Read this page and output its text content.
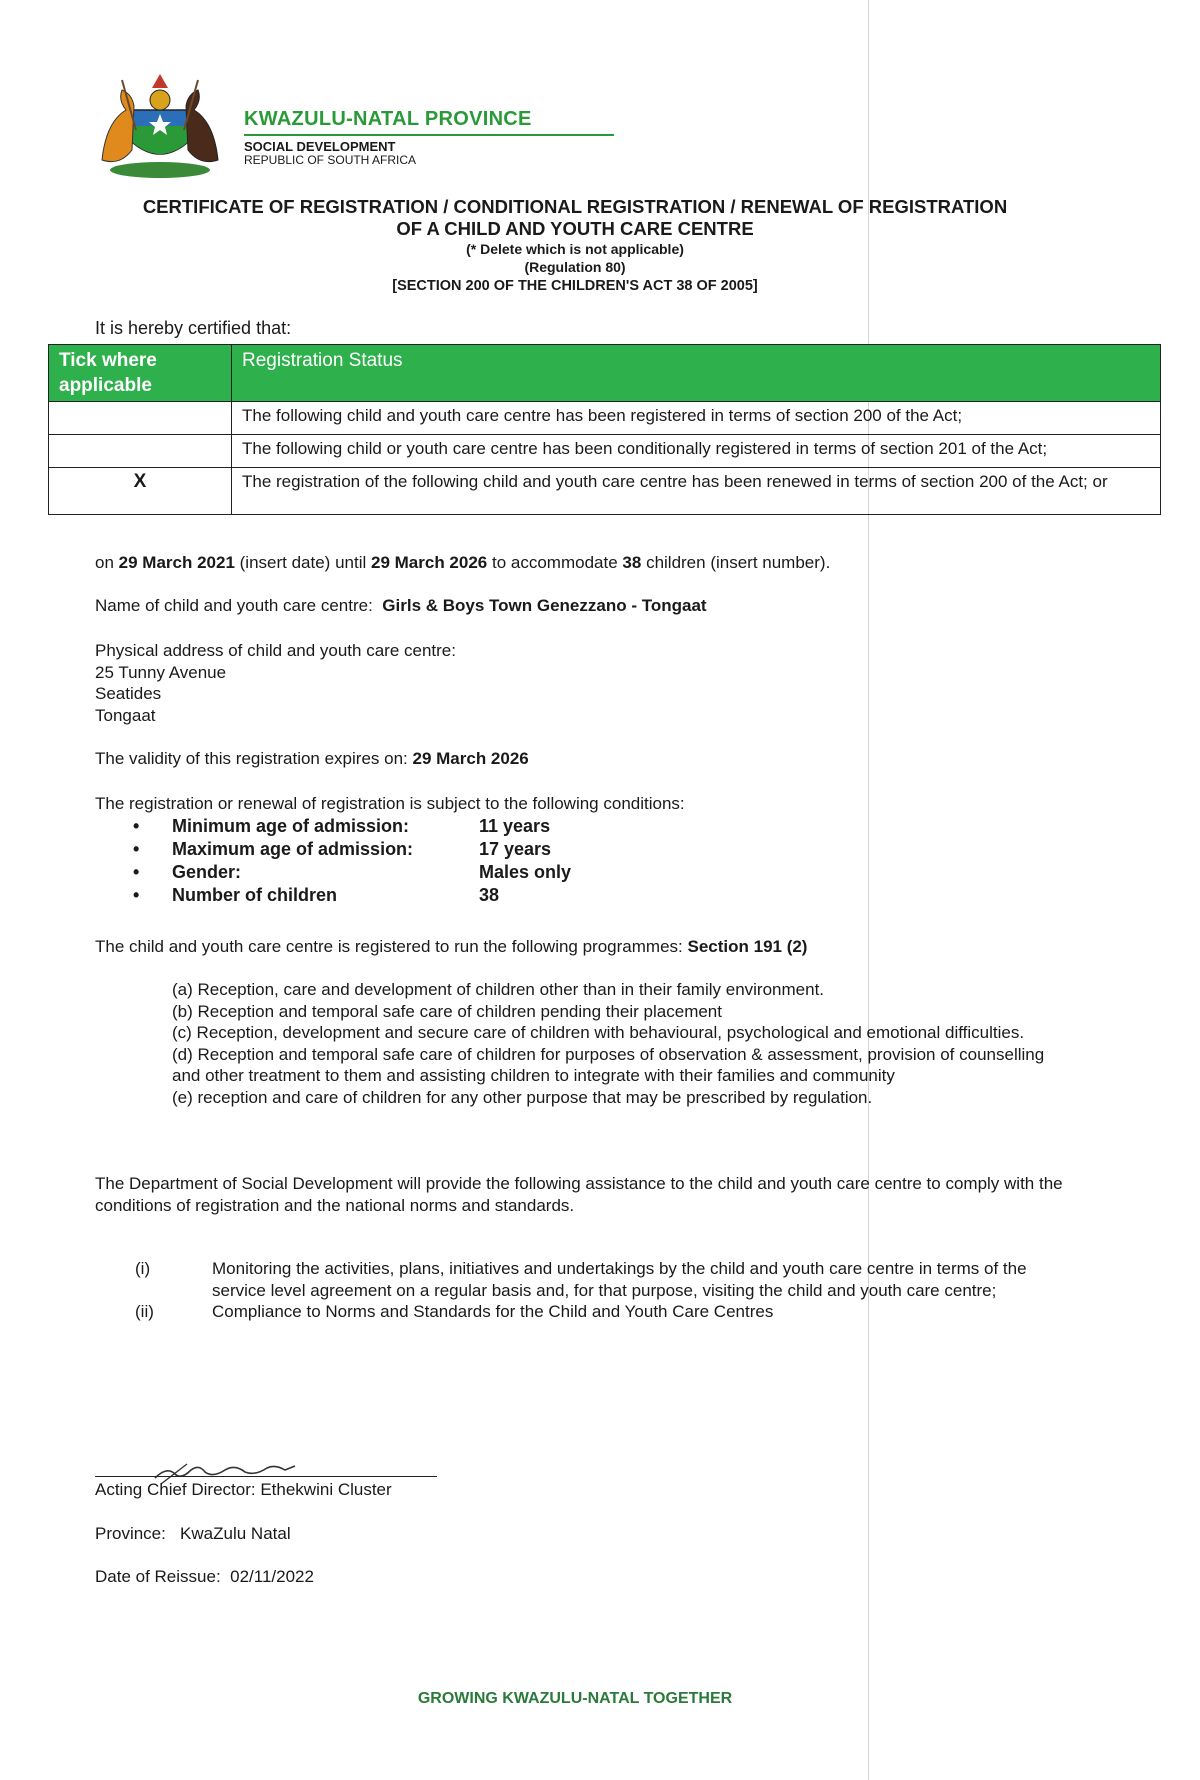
KWAZULU-NATAL PROVINCE
SOCIAL DEVELOPMENT
REPUBLIC OF SOUTH AFRICA
CERTIFICATE OF REGISTRATION / CONDITIONAL REGISTRATION / RENEWAL OF REGISTRATION
OF A CHILD AND YOUTH CARE CENTRE
(* Delete which is not applicable)
(Regulation 80)
[SECTION 200 OF THE CHILDREN'S ACT 38 OF 2005]
It is hereby certified that:
Tick where applicable	Registration Status
	The following child and youth care centre has been registered in terms of section 200 of the Act;
	The following child or youth care centre has been conditionally registered in terms of section 201 of the Act;
X	The registration of the following child and youth care centre has been renewed in terms of section 200 of the Act; or
on 29 March 2021 (insert date) until 29 March 2026 to accommodate 38 children (insert number).
Name of child and youth care centre: Girls & Boys Town Genezzano - Tongaat
Physical address of child and youth care centre:
25 Tunny Avenue
Seatides
Tongaat
The validity of this registration expires on: 29 March 2026
The registration or renewal of registration is subject to the following conditions:
• Minimum age of admission:	11 years
• Maximum age of admission:	17 years
• Gender:	Males only
• Number of children	38
The child and youth care centre is registered to run the following programmes: Section 191 (2)
(a) Reception, care and development of children other than in their family environment.
(b) Reception and temporal safe care of children pending their placement
(c) Reception, development and secure care of children with behavioural, psychological and emotional difficulties.
(d) Reception and temporal safe care of children for purposes of observation & assessment, provision of counselling and other treatment to them and assisting children to integrate with their families and community
(e) reception and care of children for any other purpose that may be prescribed by regulation.
The Department of Social Development will provide the following assistance to the child and youth care centre to comply with the conditions of registration and the national norms and standards.
(i)	Monitoring the activities, plans, initiatives and undertakings by the child and youth care centre in terms of the service level agreement on a regular basis and, for that purpose, visiting the child and youth care centre;
(ii)	Compliance to Norms and Standards for the Child and Youth Care Centres
Acting Chief Director: Ethekwini Cluster
Province: KwaZulu Natal
Date of Reissue: 02/11/2022
GROWING KWAZULU-NATAL TOGETHER
